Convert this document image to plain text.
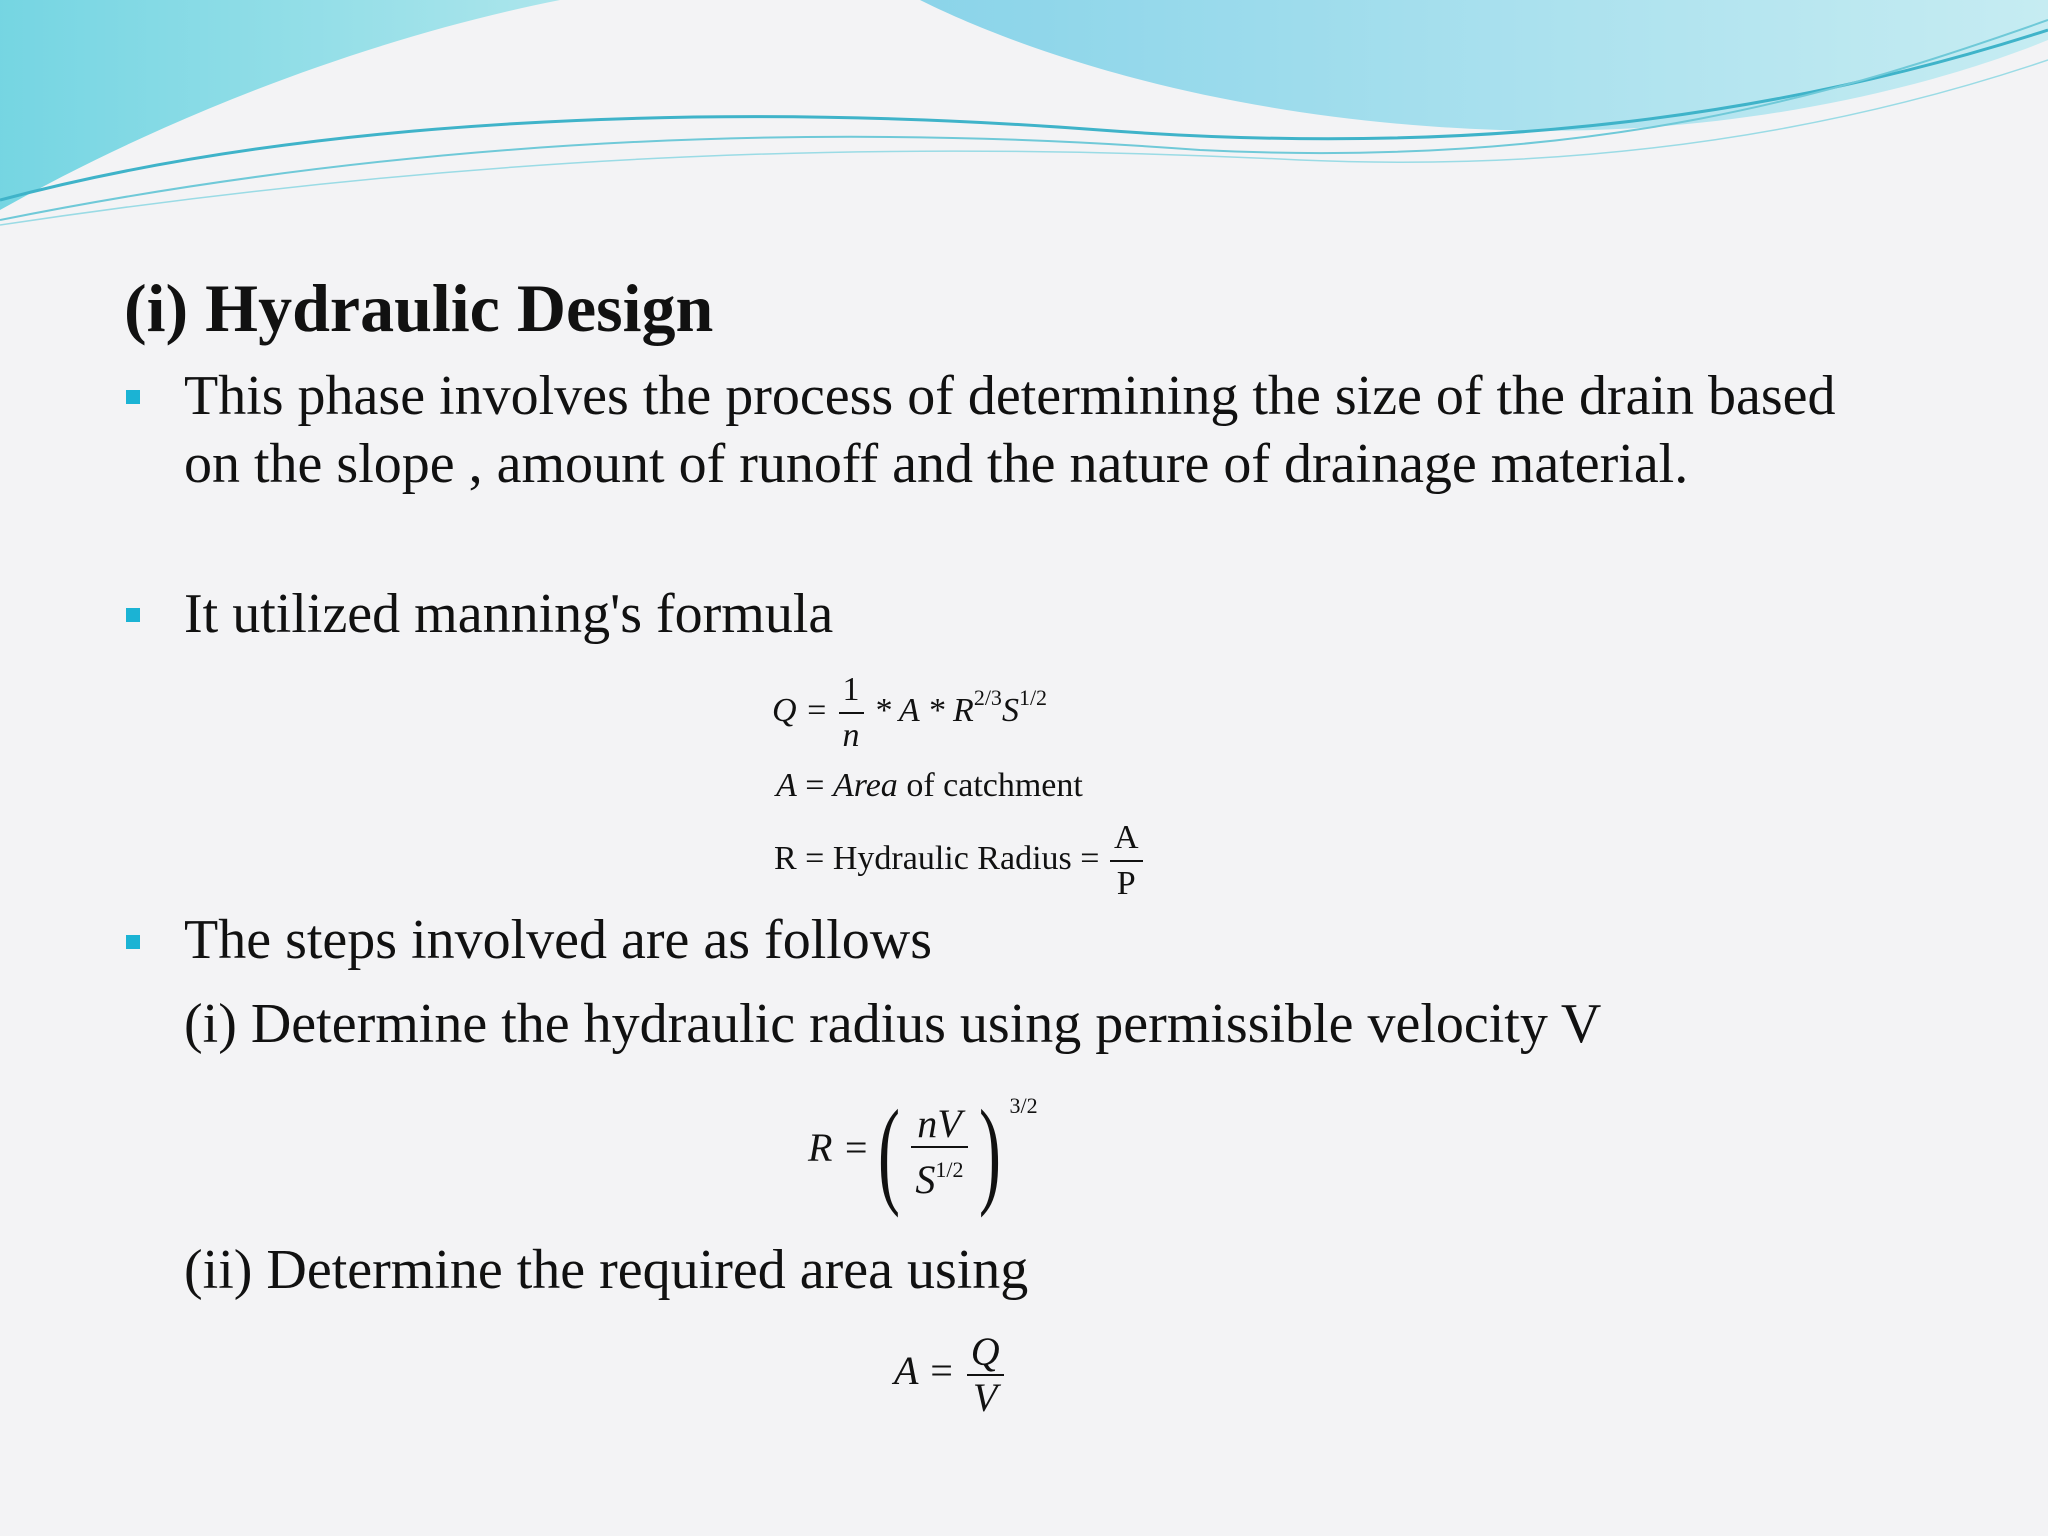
(i) Hydraulic Design

This phase involves the process of determining the size of the drain based on the slope , amount of runoff and the nature of drainage material.

It utilized manning's formula

$Q = \frac{1}{n} * A * R^{2/3}S^{1/2}$
A = Area of catchment
R = Hydraulic Radius = $\frac{A}{P}$

The steps involved are as follows

(i) Determine the hydraulic radius using permissible velocity V

R =( $\frac{nV}{S^{1/2}}$ ) $^{3/2}$

(ii) Determine the required area using

$A = \frac{Q}{V}$
